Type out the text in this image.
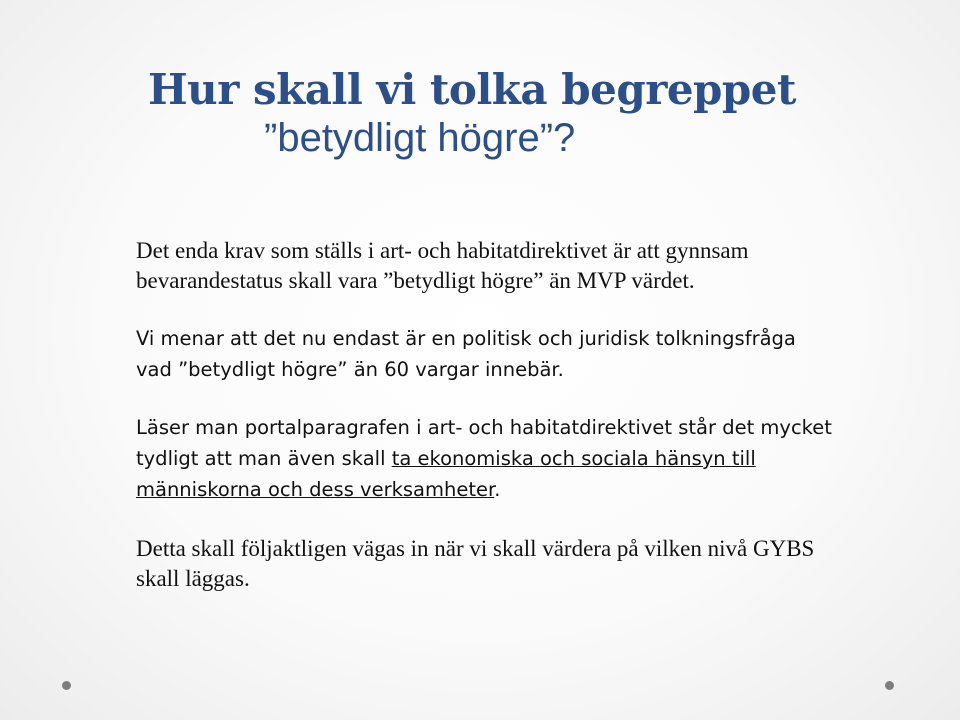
Hur skall vi tolka begreppet
”betydligt högre”?

Det enda krav som ställs i art- och habitatdirektivet är att gynnsam bevarandestatus skall vara ”betydligt högre” än MVP värdet.

Vi menar att det nu endast är en politisk och juridisk tolkningsfråga vad ”betydligt högre” än 60 vargar innebär.

Läser man portalparagrafen i art- och habitatdirektivet står det mycket tydligt att man även skall ta ekonomiska och sociala hänsyn till människorna och dess verksamheter.

Detta skall följaktligen vägas in när vi skall värdera på vilken nivå GYBS skall läggas.
